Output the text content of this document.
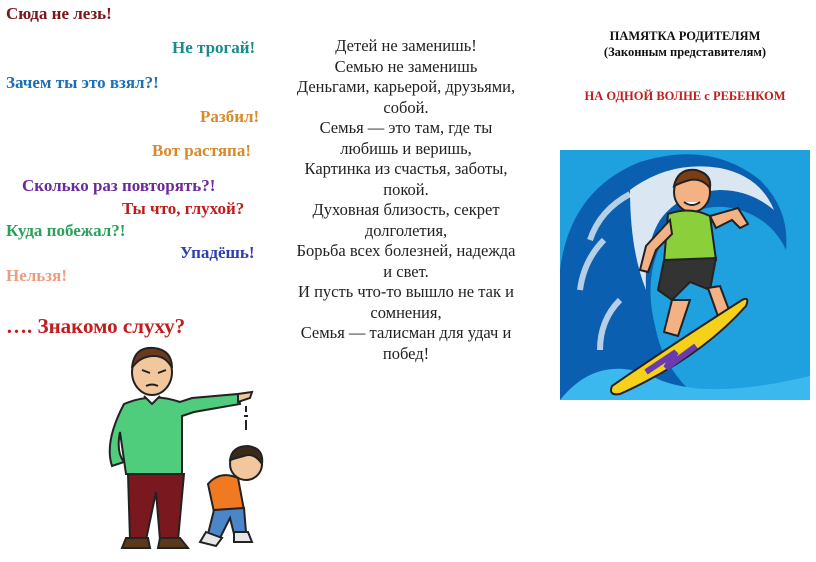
Сюда не лезь!
Не трогай!
Зачем ты это взял?!
Разбил!
Вот растяпа!
Сколько раз повторять?!
Ты что, глухой?
Куда побежал?!
Упадёшь!
Нельзя!
…. Знакомо слуху?
Детей не заменишь!
Семью не заменишь
Деньгами, карьерой, друзьями,
собой.
Семья — это там, где ты
любишь и веришь,
Картинка из счастья, заботы,
покой.
Духовная близость, секрет
долголетия,
Борьба всех болезней, надежда
и свет.
И пусть что-то вышло не так и
сомнения,
Семья — талисман для удач и
побед!
ПАМЯТКА РОДИТЕЛЯМ
(Законным представителям)
НА ОДНОЙ ВОЛНЕ с РЕБЕНКОМ
